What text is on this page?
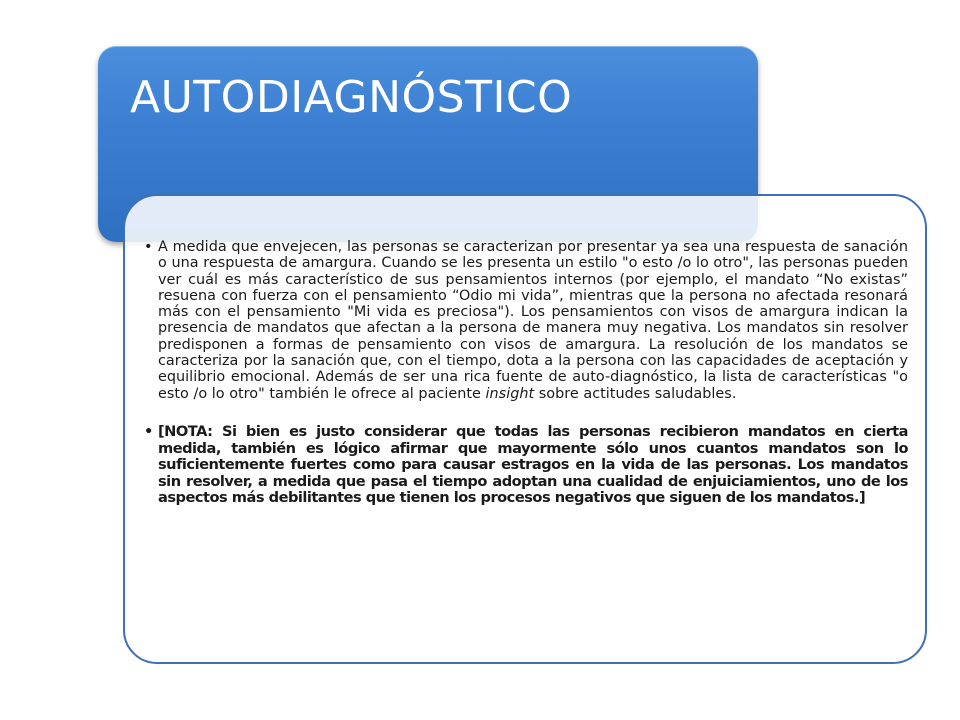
AUTODIAGNÓSTICO
• A medida que envejecen, las personas se caracterizan por presentar ya sea una respuesta de sanación o una respuesta de amargura. Cuando se les presenta un estilo "o esto /o lo otro", las personas pueden ver cuál es más característico de sus pensamientos internos (por ejemplo, el mandato “No existas” resuena con fuerza con el pensamiento “Odio mi vida”, mientras que la persona no afectada resonará más con el pensamiento "Mi vida es preciosa"). Los pensamientos con visos de amargura indican la presencia de mandatos que afectan a la persona de manera muy negativa. Los mandatos sin resolver predisponen a formas de pensamiento con visos de amargura. La resolución de los mandatos se caracteriza por la sanación que, con el tiempo, dota a la persona con las capacidades de aceptación y equilibrio emocional. Además de ser una rica fuente de auto-diagnóstico, la lista de características "o esto /o lo otro" también le ofrece al paciente insight sobre actitudes saludables.
• [NOTA: Si bien es justo considerar que todas las personas recibieron mandatos en cierta medida, también es lógico afirmar que mayormente sólo unos cuantos mandatos son lo suficientemente fuertes como para causar estragos en la vida de las personas. Los mandatos sin resolver, a medida que pasa el tiempo adoptan una cualidad de enjuiciamientos, uno de los aspectos más debilitantes que tienen los procesos negativos que siguen de los mandatos.]
